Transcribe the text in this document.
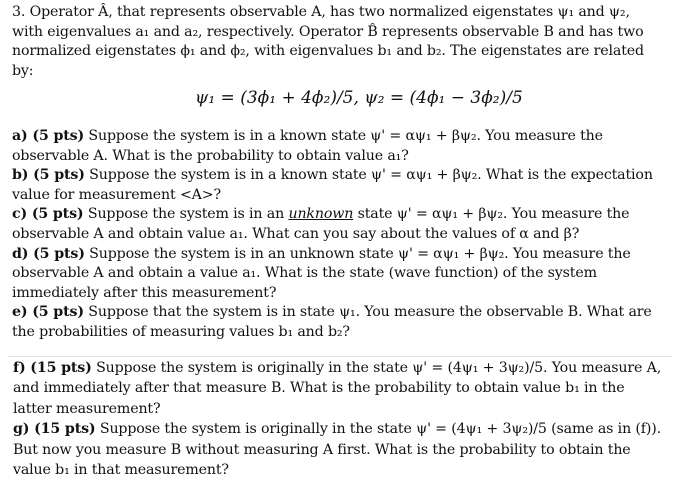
3. Operator Â, that represents observable A, has two normalized eigenstates ψ₁ and ψ₂,
with eigenvalues a₁ and a₂, respectively. Operator B̂ represents observable B and has two
normalized eigenstates ϕ₁ and ϕ₂, with eigenvalues b₁ and b₂. The eigenstates are related
by:
ψ₁ = (3ϕ₁ + 4ϕ₂)/5, ψ₂ = (4ϕ₁ − 3ϕ₂)/5
a) (5 pts) Suppose the system is in a known state ψ' = αψ₁ + βψ₂. You measure the
observable A. What is the probability to obtain value a₁?
b) (5 pts) Suppose the system is in a known state ψ' = αψ₁ + βψ₂. What is the expectation
value for measurement <A>?
c) (5 pts) Suppose the system is in an unknown state ψ' = αψ₁ + βψ₂. You measure the
observable A and obtain value a₁. What can you say about the values of α and β?
d) (5 pts) Suppose the system is in an unknown state ψ' = αψ₁ + βψ₂. You measure the
observable A and obtain a value a₁. What is the state (wave function) of the system
immediately after this measurement?
e) (5 pts) Suppose that the system is in state ψ₁. You measure the observable B. What are
the probabilities of measuring values b₁ and b₂?
f) (15 pts) Suppose the system is originally in the state ψ' = (4ψ₁ + 3ψ₂)/5. You measure A,
and immediately after that measure B. What is the probability to obtain value b₁ in the
latter measurement?
g) (15 pts) Suppose the system is originally in the state ψ' = (4ψ₁ + 3ψ₂)/5 (same as in (f)).
But now you measure B without measuring A first. What is the probability to obtain the
value b₁ in that measurement?
